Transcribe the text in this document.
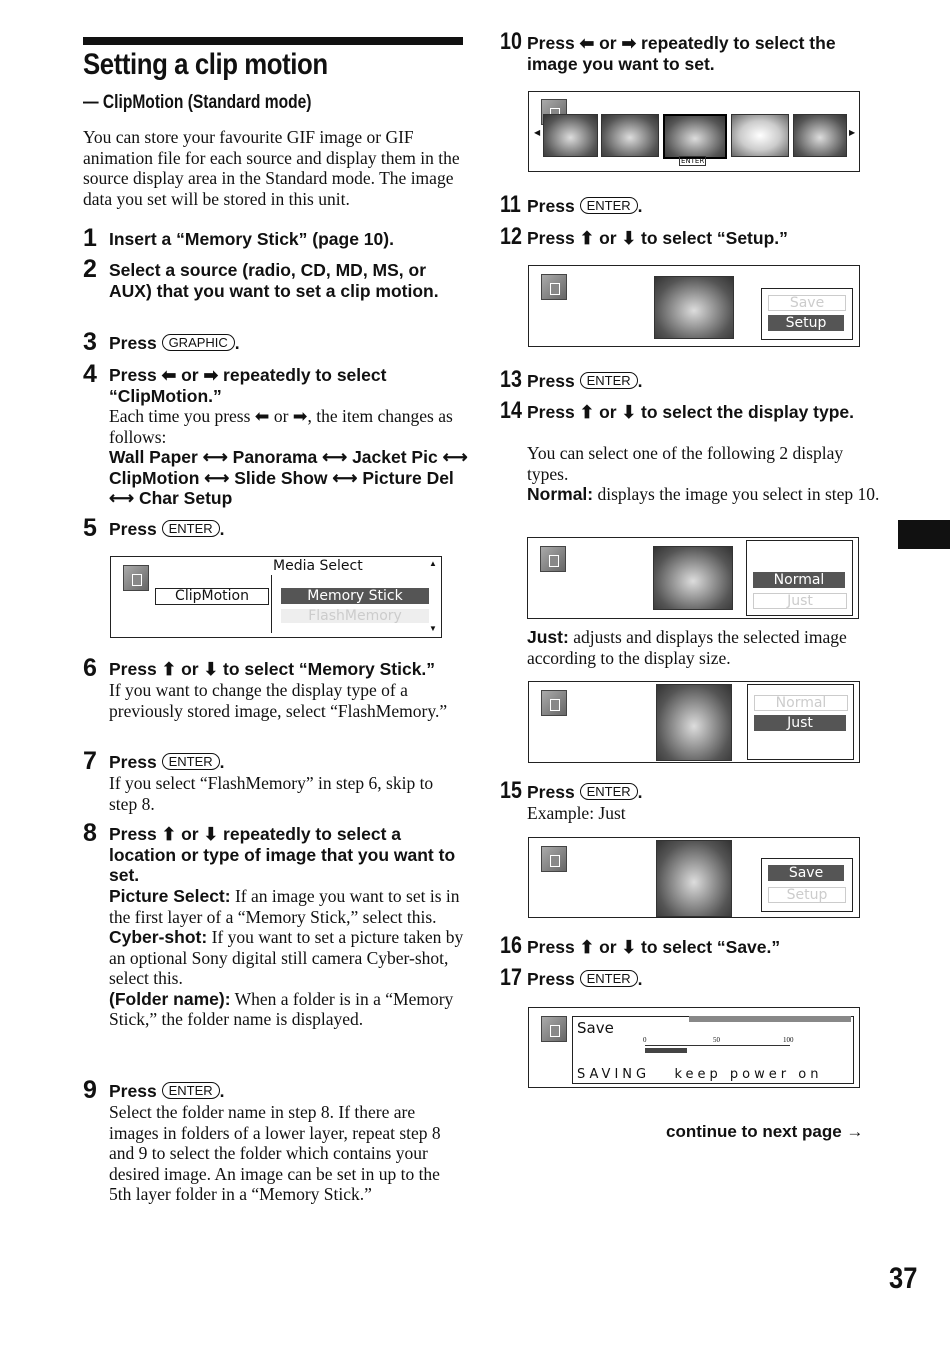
Setting a clip motion
— ClipMotion (Standard mode)
You can store your favourite GIF image or GIF animation file for each source and display them in the source display area in the Standard mode. The image data you set will be stored in this unit.
1 Insert a “Memory Stick” (page 10).
2 Select a source (radio, CD, MD, MS, or AUX) that you want to set a clip motion.
3 Press GRAPHIC .
4 Press ⬅ or ➡ repeatedly to select
“ClipMotion.”
Each time you press ⬅ or ➡, the item changes as follows:
Wall Paper ⟷ Panorama ⟷ Jacket Pic ⟷ ClipMotion ⟷ Slide Show ⟷ Picture Del ⟷ Char Setup
5 Press ENTER .
Media Select
ClipMotion	Memory Stick
FlashMemory
▲
▼
6 Press ⬆ or ⬇ to select “Memory Stick.”
If you want to change the display type of a previously stored image, select “FlashMemory.”
7 Press ENTER .
If you select “FlashMemory” in step 6, skip to step 8.
8 Press ⬆ or ⬇ repeatedly to select a location or type of image that you want to set.
Picture Select: If an image you want to set is in the first layer of a “Memory Stick,” select this.
Cyber-shot: If you want to set a picture taken by an optional Sony digital still camera Cyber-shot, select this.
(Folder name): When a folder is in a “Memory Stick,” the folder name is displayed.
9 Press ENTER .
Select the folder name in step 8. If there are images in folders of a lower layer, repeat step 8 and 9 to select the folder which contains your desired image. An image can be set in up to the 5th layer folder in a “Memory Stick.”
10 Press ⬅ or ➡ repeatedly to select the image you want to set.
◀	▶
ENTER
11 Press ENTER .
12 Press ⬆ or ⬇ to select “Setup.”
Save
Setup
13 Press ENTER .
14 Press ⬆ or ⬇ to select the display type.
You can select one of the following 2 display types.
Normal: displays the image you select in step 10.
Normal
Just
Just: adjusts and displays the selected image according to the display size.
Normal
Just
15 Press ENTER .
Example: Just
Save
Setup
16 Press ⬆ or ⬇ to select “Save.”
17 Press ENTER .
Save
0	50	100
SAVING   keep power on
continue to next page →
37
